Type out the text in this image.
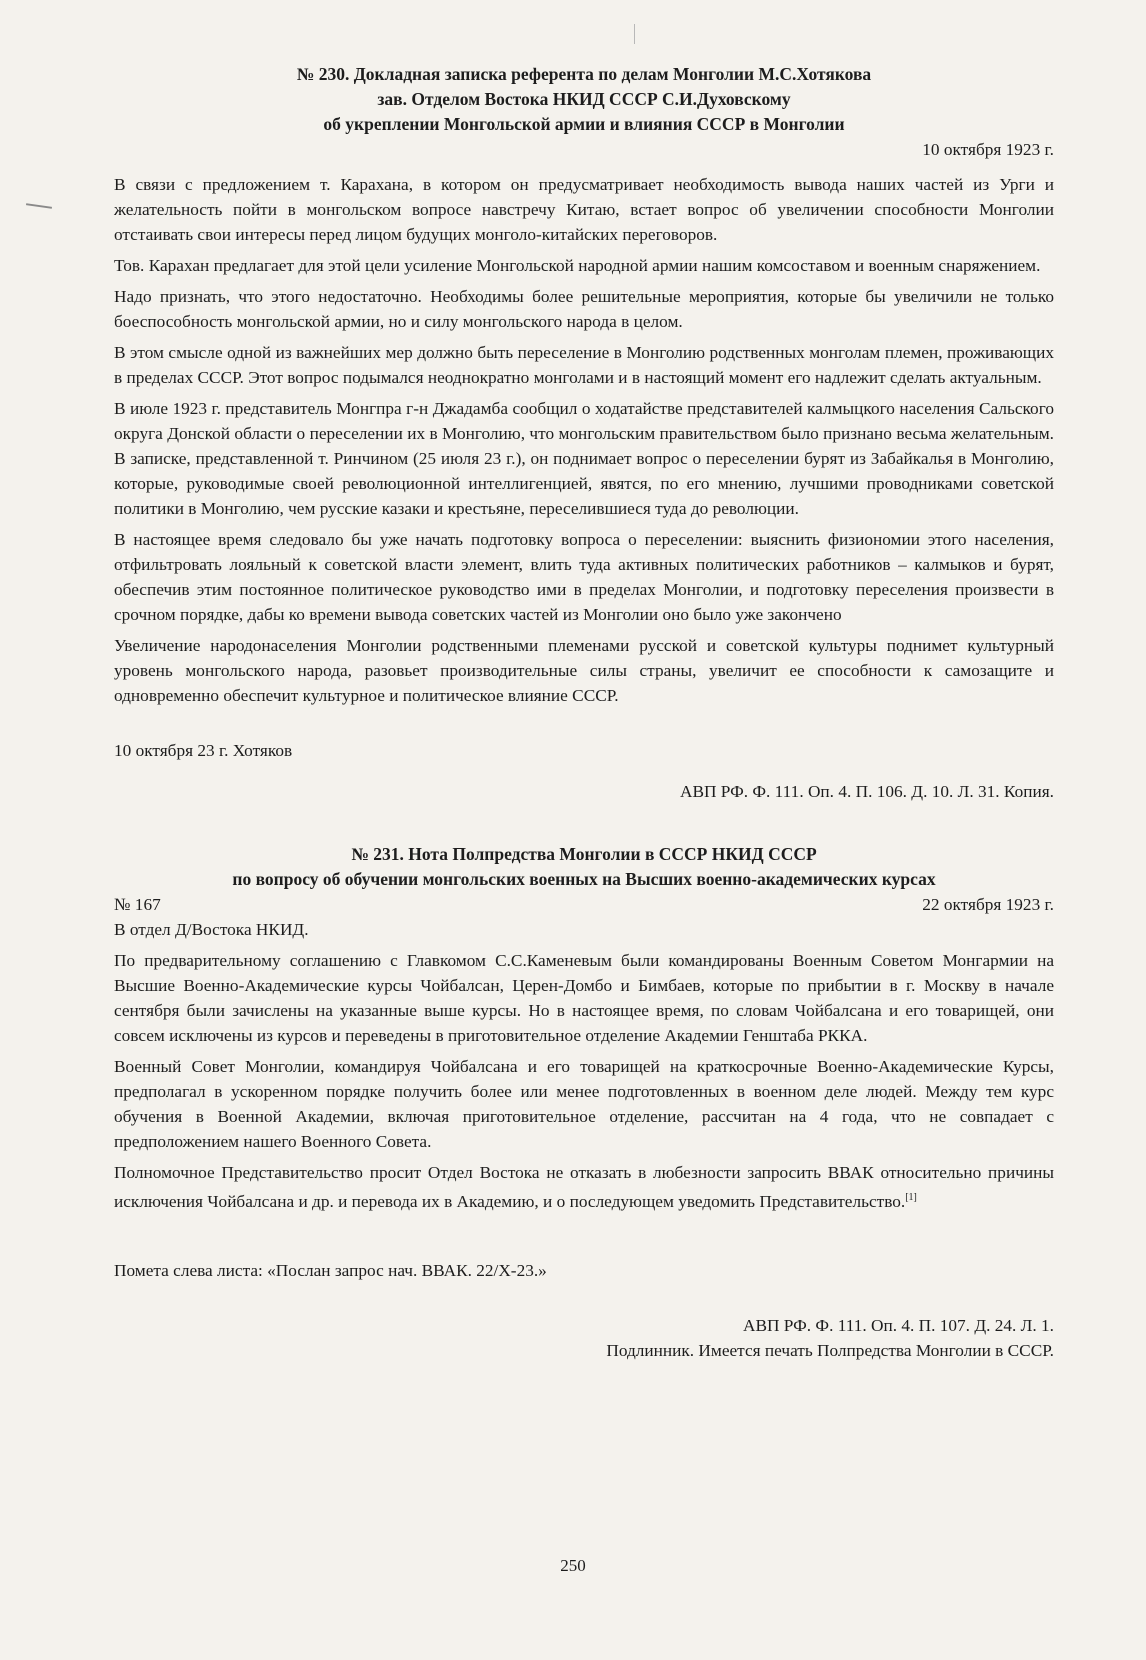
№ 230. Докладная записка референта по делам Монголии М.С.Хотякова

зав. Отделом Востока НКИД СССР С.И.Духовскому

об укреплении Монгольской армии и влияния СССР в Монголии

10 октября 1923 г.

В связи с предложением т. Карахана, в котором он предусматривает необходимость вывода наших частей из Урги и желательность пойти в монгольском вопросе навстречу Китаю, встает вопрос об увеличении способности Монголии отстаивать свои интересы перед лицом будущих монголо-китайских переговоров.

Тов. Карахан предлагает для этой цели усиление Монгольской народной армии нашим комсоставом и военным снаряжением.

Надо признать, что этого недостаточно. Необходимы более решительные мероприятия, которые бы увеличили не только боеспособность монгольской армии, но и силу монгольского народа в целом.

В этом смысле одной из важнейших мер должно быть переселение в Монголию родственных монголам племен, проживающих в пределах СССР. Этот вопрос подымался неоднократно монголами и в настоящий момент его надлежит сделать актуальным.

В июле 1923 г. представитель Монгпра г-н Джадамба сообщил о ходатайстве представителей калмыцкого населения Сальского округа Донской области о переселении их в Монголию, что монгольским правительством было признано весьма желательным. В записке, представленной т. Ринчином (25 июля 23 г.), он поднимает вопрос о переселении бурят из Забайкалья в Монголию, которые, руководимые своей революционной интеллигенцией, явятся, по его мнению, лучшими проводниками советской политики в Монголию, чем русские казаки и крестьяне, переселившиеся туда до революции.

В настоящее время следовало бы уже начать подготовку вопроса о переселении: выяснить физиономии этого населения, отфильтровать лояльный к советской власти элемент, влить туда активных политических работников – калмыков и бурят, обеспечив этим постоянное политическое руководство ими в пределах Монголии, и подготовку переселения произвести в срочном порядке, дабы ко времени вывода советских частей из Монголии оно было уже закончено

Увеличение народонаселения Монголии родственными племенами русской и советской культуры поднимет культурный уровень монгольского народа, разовьет производительные силы страны, увеличит ее способности к самозащите и одновременно обеспечит культурное и политическое влияние СССР.

10 октября 23 г. Хотяков

АВП РФ. Ф. 111. Оп. 4. П. 106. Д. 10. Л. 31. Копия.

№ 231. Нота Полпредства Монголии в СССР НКИД СССР

по вопросу об обучении монгольских военных на Высших военно-академических курсах

№ 167	22 октября 1923 г.

В отдел Д/Востока НКИД.

По предварительному соглашению с Главкомом С.С.Каменевым были командированы Военным Советом Монгармии на Высшие Военно-Академические курсы Чойбалсан, Церен-Домбо и Бимбаев, которые по прибытии в г. Москву в начале сентября были зачислены на указанные выше курсы. Но в настоящее время, по словам Чойбалсана и его товарищей, они совсем исключены из курсов и переведены в приготовительное отделение Академии Генштаба РККА.

Военный Совет Монголии, командируя Чойбалсана и его товарищей на краткосрочные Военно-Академические Курсы, предполагал в ускоренном порядке получить более или менее подготовленных в военном деле людей. Между тем курс обучения в Военной Академии, включая приготовительное отделение, рассчитан на 4 года, что не совпадает с предположением нашего Военного Совета.

Полномочное Представительство просит Отдел Востока не отказать в любезности запросить ВВАК относительно причины исключения Чойбалсана и др. и перевода их в Академию, и о последующем уведомить Представительство.[1]

Помета слева листа: «Послан запрос нач. ВВАК. 22/X-23.»

АВП РФ. Ф. 111. Оп. 4. П. 107. Д. 24. Л. 1.

Подлинник. Имеется печать Полпредства Монголии в СССР.

250
